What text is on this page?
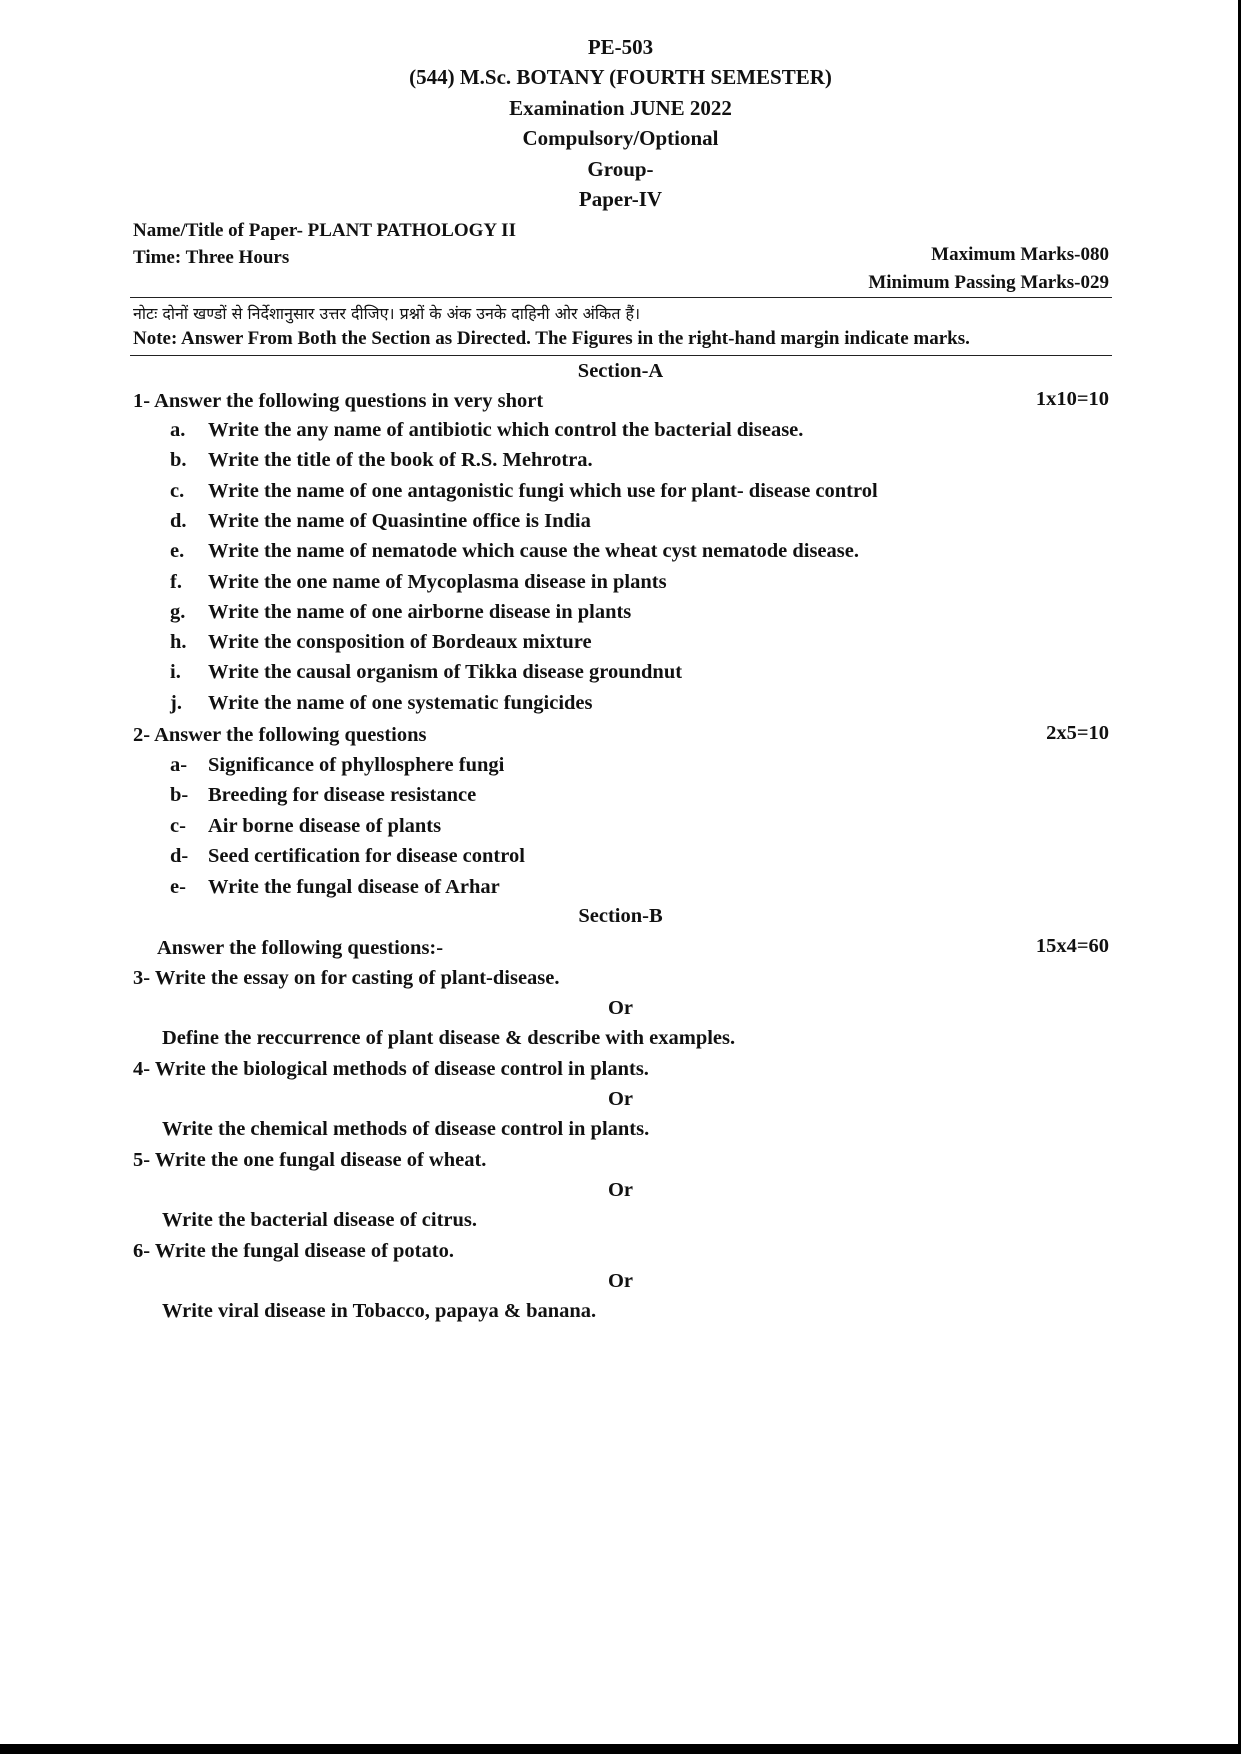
PE-503
(544) M.Sc. BOTANY (FOURTH SEMESTER)
Examination JUNE 2022
Compulsory/Optional
Group-
Paper-IV
Name/Title of Paper- PLANT PATHOLOGY II
Time: Three Hours	Maximum Marks-080
Minimum Passing Marks-029
नोटः दोनों खण्डों से निर्देशानुसार उत्तर दीजिए। प्रश्नों के अंक उनके दाहिनी ओर अंकित हैं।
Note: Answer From Both the Section as Directed. The Figures in the right-hand margin indicate marks.
Section-A
1- Answer the following questions in very short	1x10=10
a. Write the any name of antibiotic which control the bacterial disease.
b. Write the title of the book of R.S. Mehrotra.
c. Write the name of one antagonistic fungi which use for plant- disease control
d. Write the name of Quasintine office is India
e. Write the name of nematode which cause the wheat cyst nematode disease.
f. Write the one name of Mycoplasma disease in plants
g. Write the name of one airborne disease in plants
h. Write the consposition of Bordeaux mixture
i. Write the causal organism of Tikka disease groundnut
j. Write the name of one systematic fungicides
2- Answer the following questions	2x5=10
a- Significance of phyllosphere fungi
b- Breeding for disease resistance
c- Air borne disease of plants
d- Seed certification for disease control
e- Write the fungal disease of Arhar
Section-B
Answer the following questions:-	15x4=60
3- Write the essay on for casting of plant-disease.
Or
Define the reccurrence of plant disease & describe with examples.
4- Write the biological methods of disease control in plants.
Or
Write the chemical methods of disease control in plants.
5- Write the one fungal disease of wheat.
Or
Write the bacterial disease of citrus.
6- Write the fungal disease of potato.
Or
Write viral disease in Tobacco, papaya & banana.
